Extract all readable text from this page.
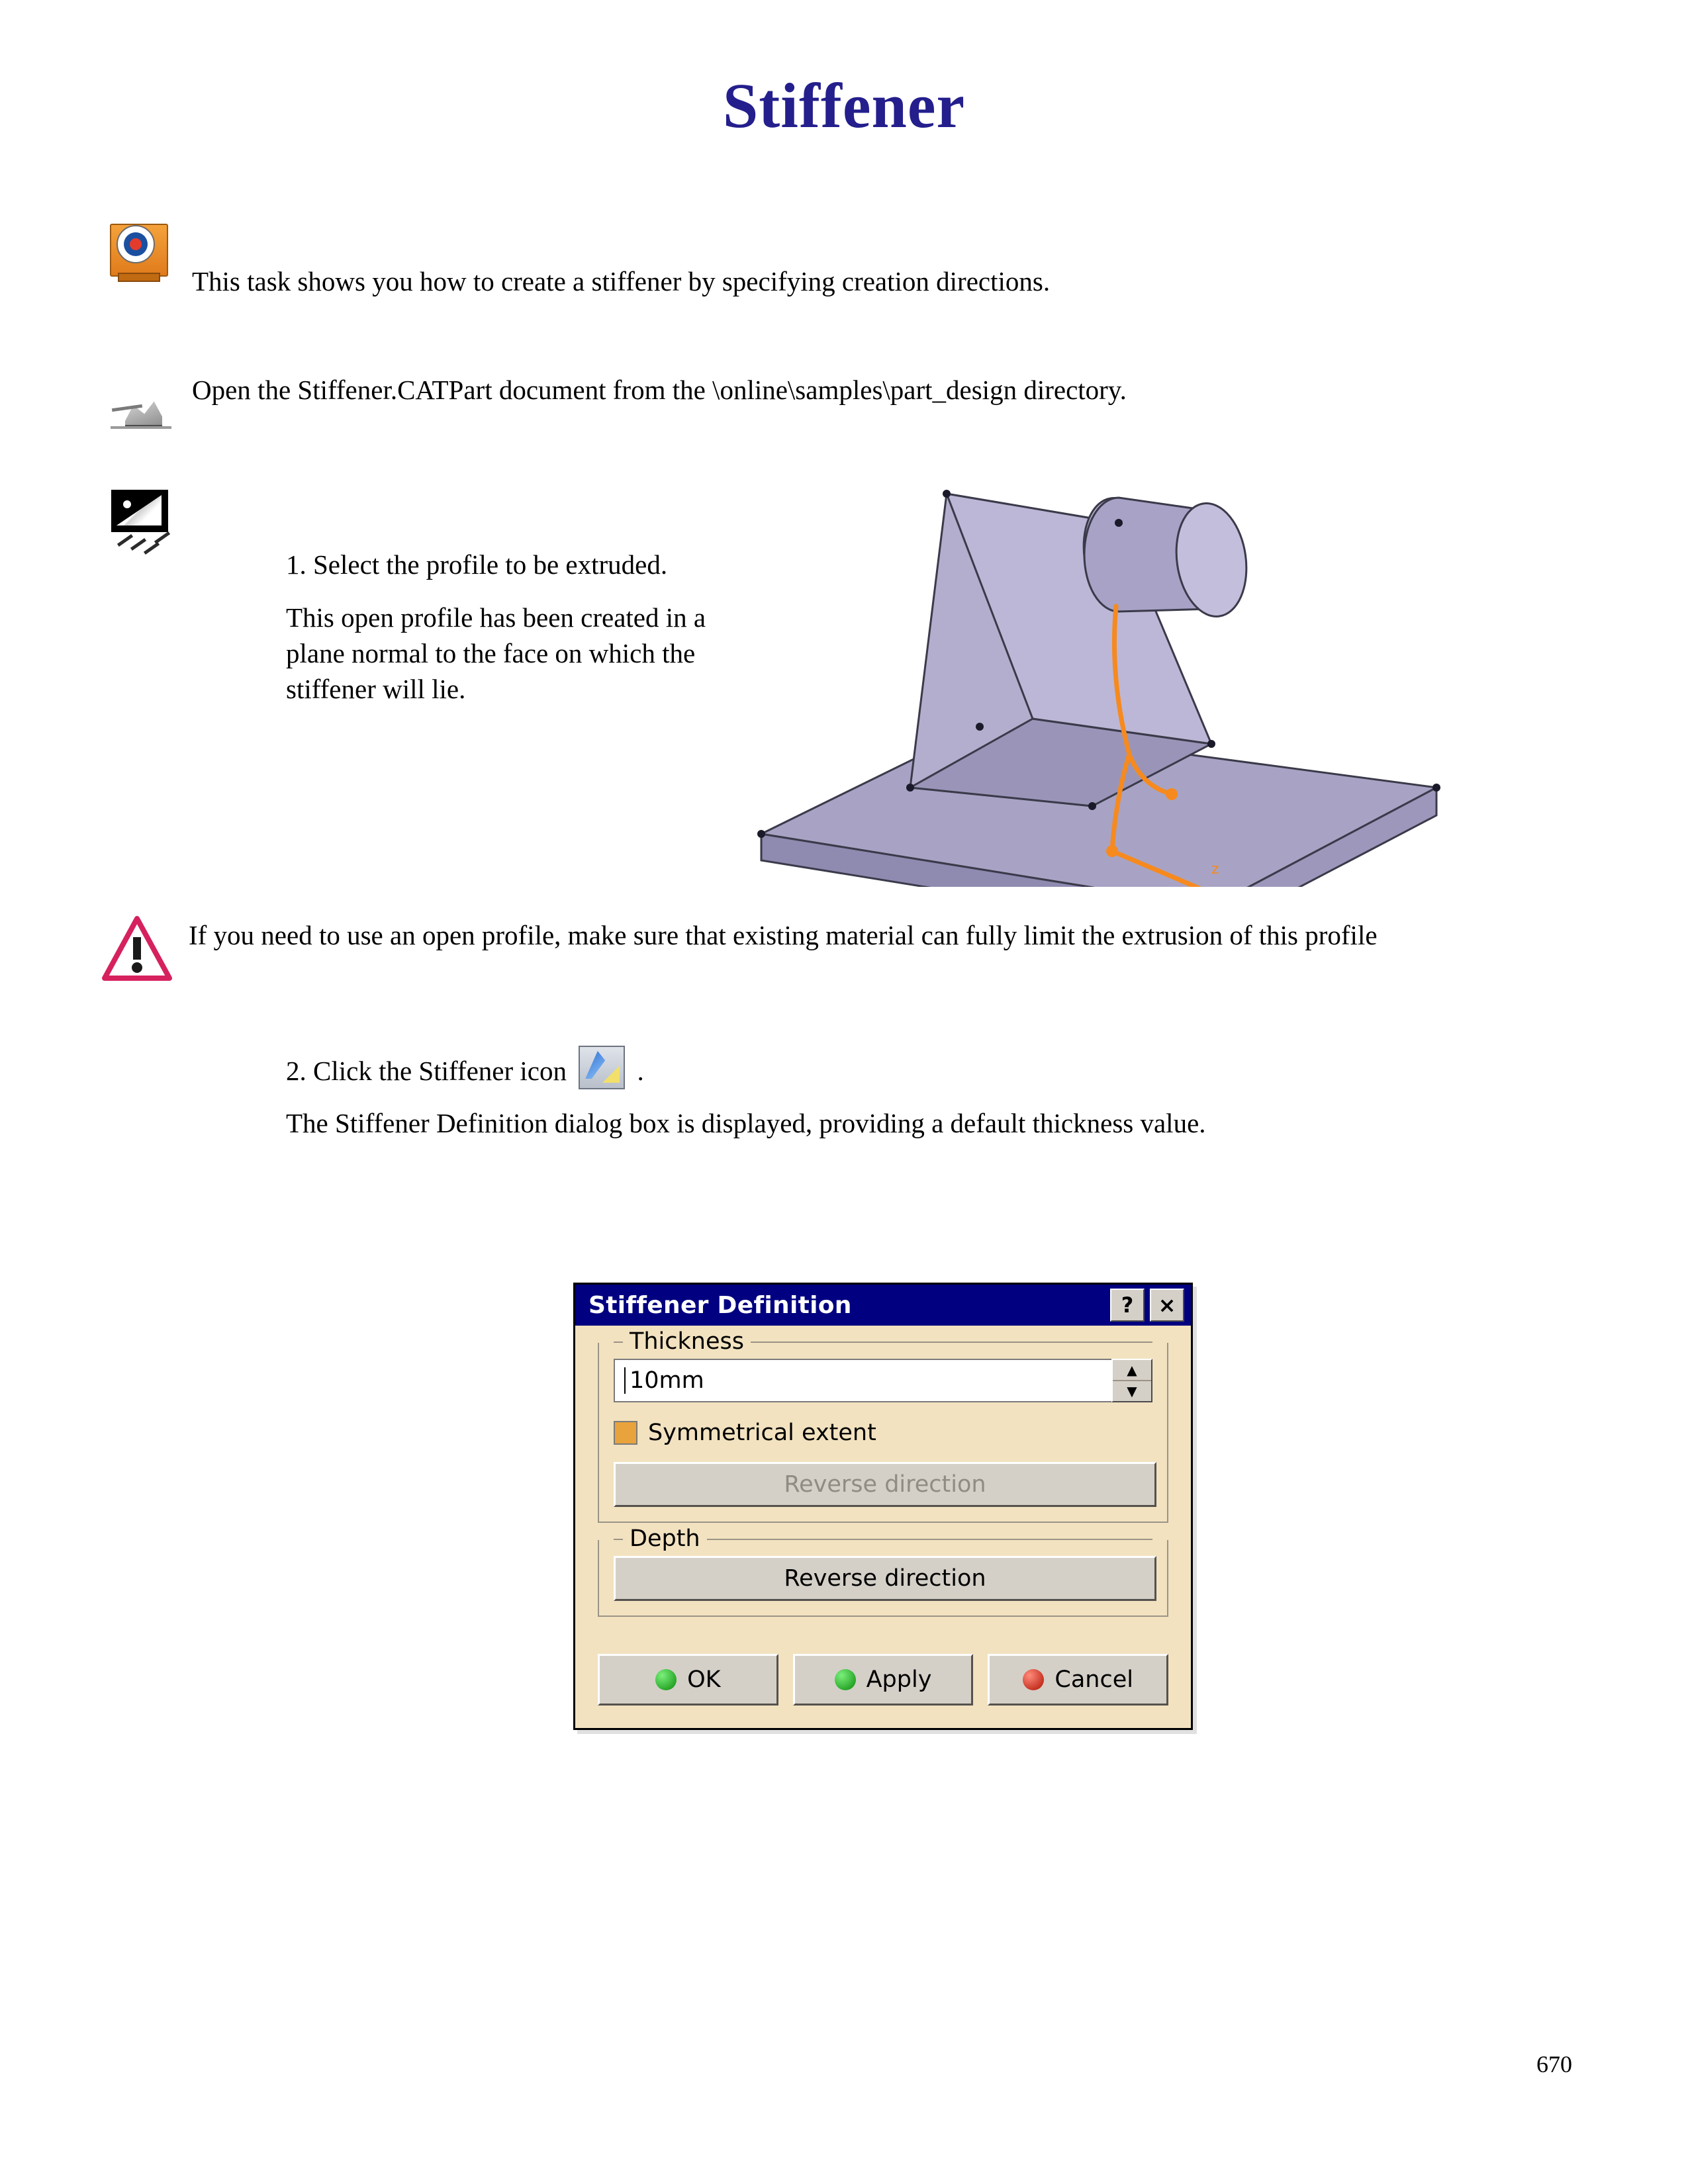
Stiffener
This task shows you how to create a stiffener by specifying creation directions.
Open the Stiffener.CATPart document from the \online\samples\part_design directory.

1. Select the profile to be extruded.

This open profile has been created in a plane normal to the face on which the stiffener will lie.

z
If you need to use an open profile, make sure that existing material can fully limit the extrusion of this profile

2. Click the Stiffener icon	.

The Stiffener Definition dialog box is displayed, providing a default thickness value.

Stiffener Definition	?	×
Thickness
10mm	▲
▼
Symmetrical extent
Reverse direction
Depth
Reverse direction
OK	Apply	Cancel
670
